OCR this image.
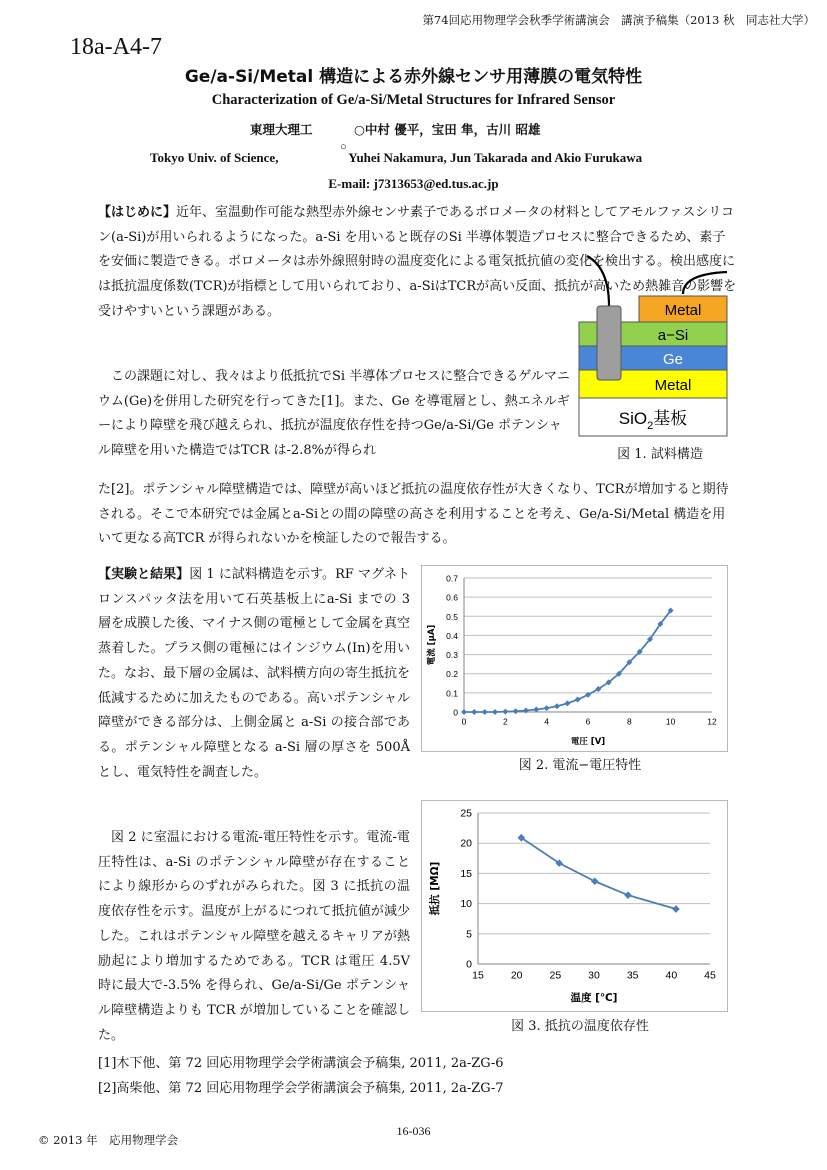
第74回応用物理学会秋季学術講演会　講演予稿集（2013 秋　同志社大学）
18a-A4-7
Ge/a-Si/Metal 構造による赤外線センサ用薄膜の電気特性
Characterization of Ge/a-Si/Metal Structures for Infrared Sensor
東理大理工	○中村 優平，宝田 隼，古川 昭雄
Tokyo Univ. of Science,
○
Yuhei Nakamura, Jun Takarada and Akio Furukawa
E-mail: j7313653@ed.tus.ac.jp
【はじめに】近年、室温動作可能な熱型赤外線センサ素子であるボロメータの材料としてアモルファスシリコン(a-Si)が用いられるようになった。a-Si を用いると既存のSi 半導体製造プロセスに整合できるため、素子を安価に製造できる。ボロメータは赤外線照射時の温度変化による電気抵抗値の変化を検出する。検出感度には抵抗温度係数(TCR)が指標として用いられており、a-SiはTCRが高い反面、抵抗が高いため熱雑音の影響を受けやすいという課題がある。
この課題に対し、我々はより低抵抗でSi 半導体プロセスに整合できるゲルマニウム(Ge)を併用した研究を行ってきた[1]。また、Ge を導電層とし、熱エネルギーにより障壁を飛び越えられ、抵抗が温度依存性を持つGe/a-Si/Ge ポテンシャル障壁を用いた構造ではTCR は-2.8%が得られ
た[2]。ポテンシャル障壁構造では、障壁が高いほど抵抗の温度依存性が大きくなり、TCRが増加すると期待される。そこで本研究では金属とa-Siとの間の障壁の高さを利用することを考え、Ge/a-Si/Metal 構造を用いて更なる高TCR が得られないかを検証したので報告する。
Metal
a−Si
Ge
Metal
SiO$_2$基板
図 1. 試料構造
【実験と結果】図 1 に試料構造を示す。RF マグネトロンスパッタ法を用いて石英基板上にa-Si までの 3 層を成膜した後、マイナス側の電極として金属を真空蒸着した。プラス側の電極にはインジウム(In)を用いた。なお、最下層の金属は、試料横方向の寄生抵抗を低減するために加えたものである。高いポテンシャル障壁ができる部分は、上側金属と a-Si の接合部である。ポテンシャル障壁となる a-Si 層の厚さを 500Å とし、電気特性を調査した。
図 2 に室温における電流-電圧特性を示す。電流-電圧特性は、a-Si のポテンシャル障壁が存在することにより線形からのずれがみられた。図 3 に抵抗の温度依存性を示す。温度が上がるにつれて抵抗値が減少した。これはポテンシャル障壁を越えるキャリアが熱励起により増加するためである。TCR は電圧 4.5V 時に最大で-3.5% を得られ、Ge/a-Si/Ge ポテンシャル障壁構造よりも TCR が増加していることを確認した。
0
0.1
0.2
0.3
0.4
0.5
0.6
0.7
0	2	4	6	8	10	12
電圧 [V]
電流 [μA]
図 2. 電流−電圧特性
0
5
10
15
20
25
15	20	25	30	35	40	45
温度 [℃]
抵抗 [MΩ]
図 3. 抵抗の温度依存性
[1]木下他、第 72 回応用物理学会学術講演会予稿集, 2011, 2a-ZG-6
[2]高柴他、第 72 回応用物理学会学術講演会予稿集, 2011, 2a-ZG-7
© 2013 年　応用物理学会
16-036
